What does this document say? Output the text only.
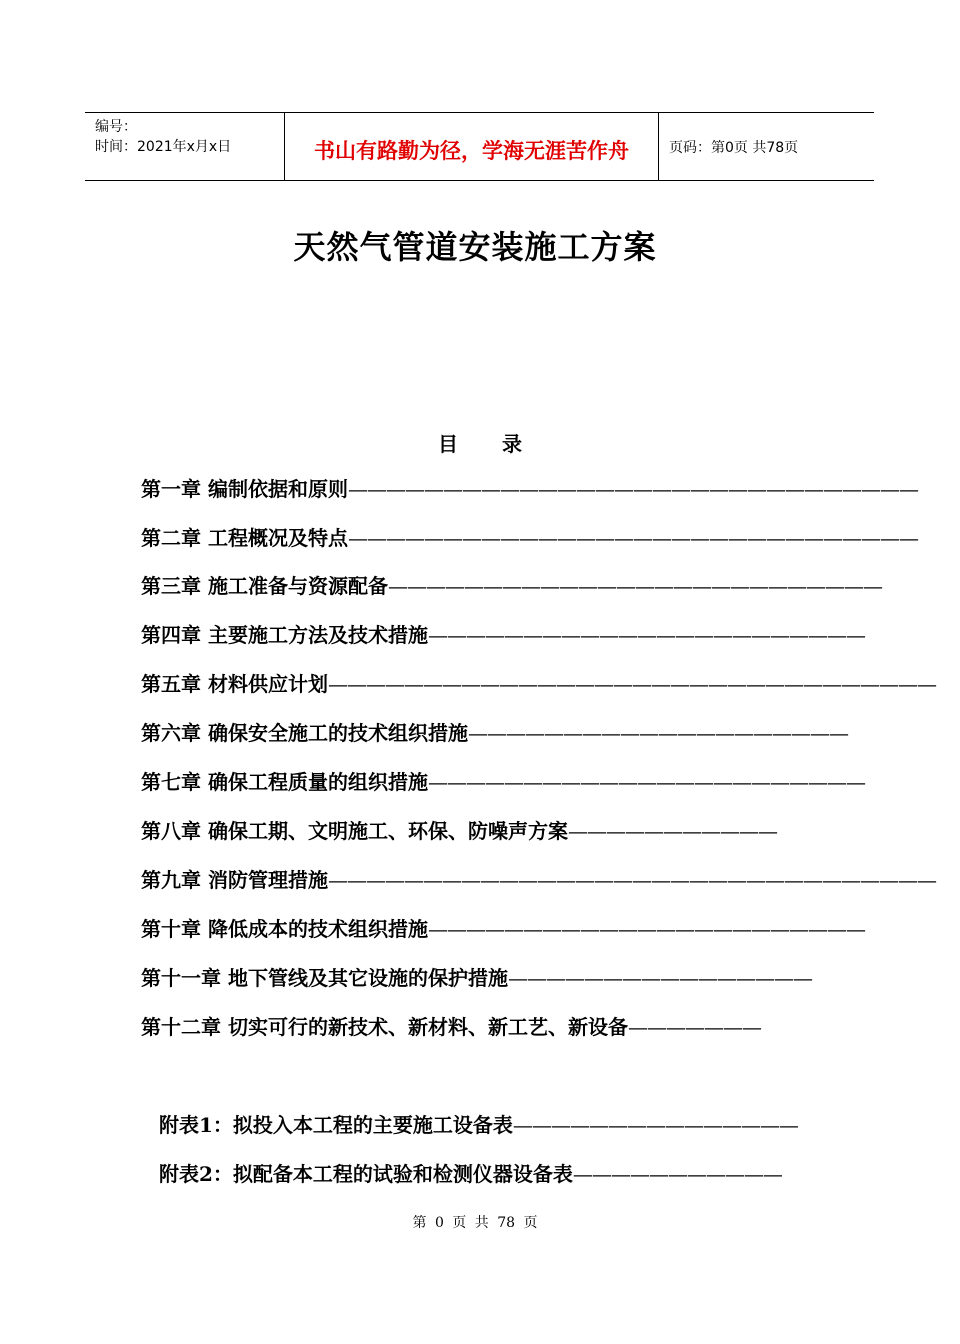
编号：
时间：2021年x月x日	书山有路勤为径，学海无涯苦作舟	页码：第0页 共78页
天然气管道安装施工方案
目 录
第一章 编制依据和原则——————————————————————————————
第二章 工程概况及特点——————————————————————————————
第三章 施工准备与资源配备——————————————————————————
第四章 主要施工方法及技术措施———————————————————————
第五章 材料供应计划————————————————————————————————
第六章 确保安全施工的技术组织措施————————————————————
第七章 确保工程质量的组织措施———————————————————————
第八章 确保工期、文明施工、环保、防噪声方案———————————
第九章 消防管理措施————————————————————————————————
第十章 降低成本的技术组织措施———————————————————————
第十一章 地下管线及其它设施的保护措施————————————————
第十二章 切实可行的新技术、新材料、新工艺、新设备———————
附表1：拟投入本工程的主要施工设备表———————————————
附表2：拟配备本工程的试验和检测仪器设备表———————————
第 0 页 共 78 页
